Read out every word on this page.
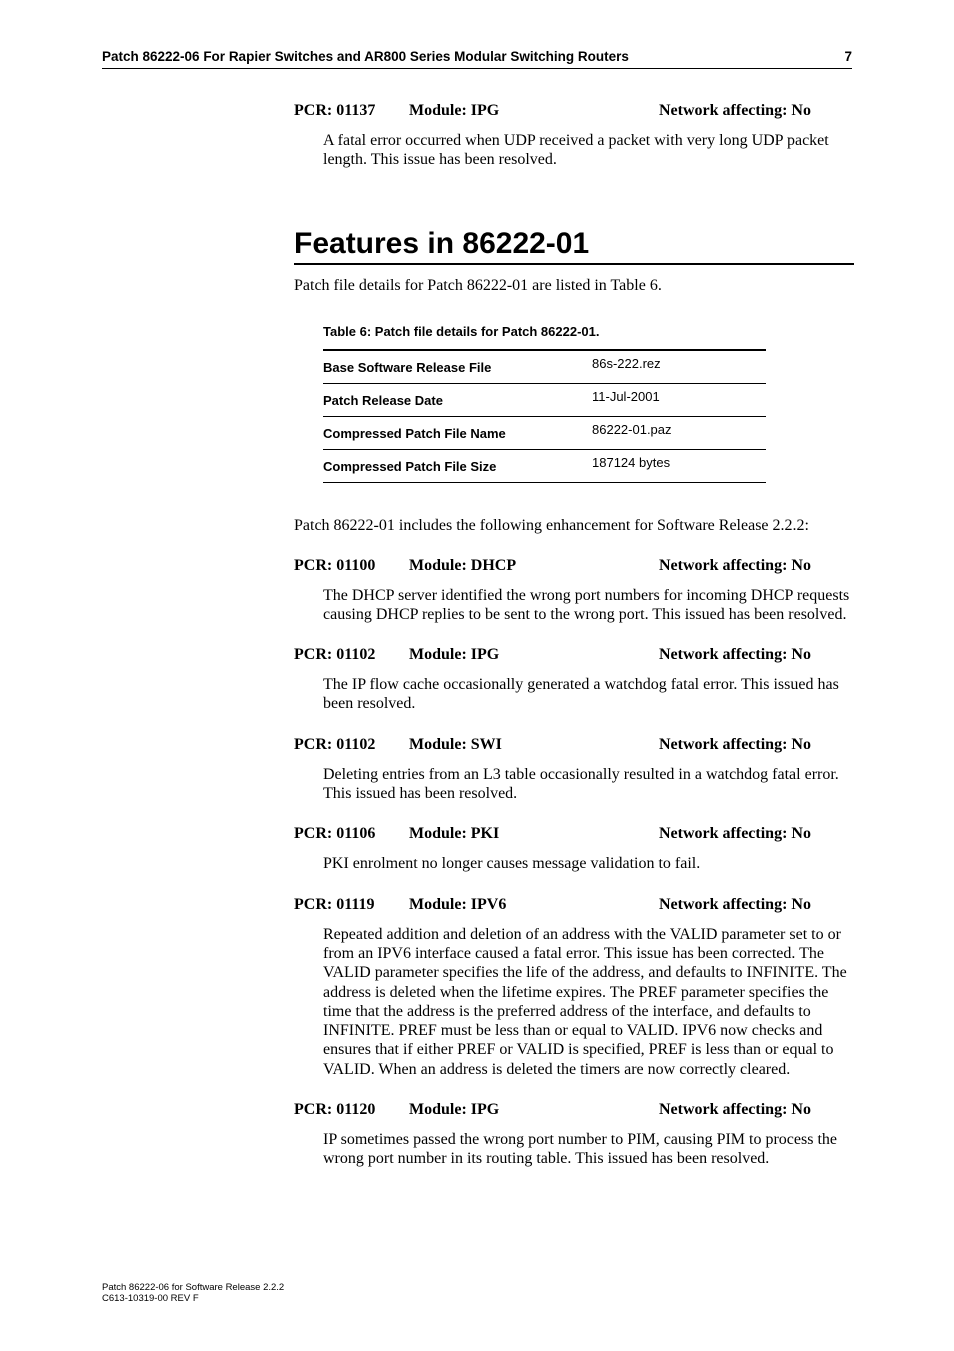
Patch 86222-06 For Rapier Switches and AR800 Series Modular Switching Routers	7
PCR: 01137 Module: IPG	Network affecting: No

A fatal error occurred when UDP received a packet with very long UDP packet length. This issue has been resolved.

Features in 86222-01

Patch file details for Patch 86222-01 are listed in Table 6.

Table 6: Patch file details for Patch 86222-01.

Base Software Release File	86s-222.rez
Patch Release Date	11-Jul-2001
Compressed Patch File Name	86222-01.paz
Compressed Patch File Size	187124 bytes

Patch 86222-01 includes the following enhancement for Software Release 2.2.2:

PCR: 01100 Module: DHCP	Network affecting: No

The DHCP server identified the wrong port numbers for incoming DHCP requests causing DHCP replies to be sent to the wrong port. This issued has been resolved.

PCR: 01102 Module: IPG	Network affecting: No

The IP flow cache occasionally generated a watchdog fatal error. This issued has been resolved.

PCR: 01102 Module: SWI	Network affecting: No

Deleting entries from an L3 table occasionally resulted in a watchdog fatal error. This issued has been resolved.

PCR: 01106 Module: PKI	Network affecting: No

PKI enrolment no longer causes message validation to fail.

PCR: 01119 Module: IPV6	Network affecting: No

Repeated addition and deletion of an address with the VALID parameter set to or from an IPV6 interface caused a fatal error. This issue has been corrected. The VALID parameter specifies the life of the address, and defaults to INFINITE. The address is deleted when the lifetime expires. The PREF parameter specifies the time that the address is the preferred address of the interface, and defaults to INFINITE. PREF must be less than or equal to VALID. IPV6 now checks and ensures that if either PREF or VALID is specified, PREF is less than or equal to VALID. When an address is deleted the timers are now correctly cleared.

PCR: 01120 Module: IPG	Network affecting: No

IP sometimes passed the wrong port number to PIM, causing PIM to process the wrong port number in its routing table. This issued has been resolved.

Patch 86222-06 for Software Release 2.2.2
C613-10319-00 REV F
